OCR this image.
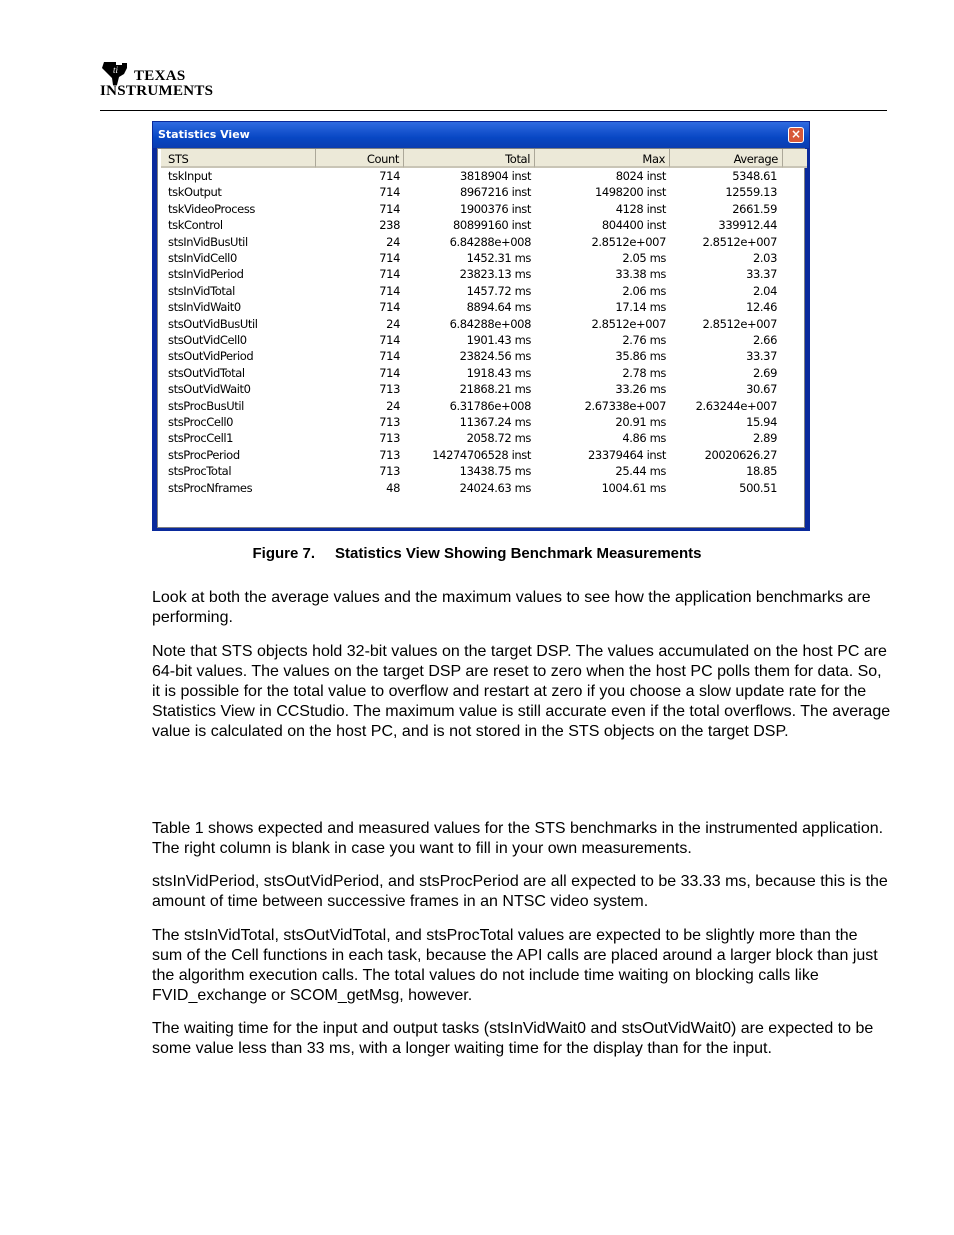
ti TEXAS
INSTRUMENTS
Statistics View	×
STS	Count	Total	Max	Average
tskInput	714	3818904 inst	8024 inst	5348.61
tskOutput	714	8967216 inst	1498200 inst	12559.13
tskVideoProcess	714	1900376 inst	4128 inst	2661.59
tskControl	238	80899160 inst	804400 inst	339912.44
stsInVidBusUtil	24	6.84288e+008	2.8512e+007	2.8512e+007
stsInVidCell0	714	1452.31 ms	2.05 ms	2.03
stsInVidPeriod	714	23823.13 ms	33.38 ms	33.37
stsInVidTotal	714	1457.72 ms	2.06 ms	2.04
stsInVidWait0	714	8894.64 ms	17.14 ms	12.46
stsOutVidBusUtil	24	6.84288e+008	2.8512e+007	2.8512e+007
stsOutVidCell0	714	1901.43 ms	2.76 ms	2.66
stsOutVidPeriod	714	23824.56 ms	35.86 ms	33.37
stsOutVidTotal	714	1918.43 ms	2.78 ms	2.69
stsOutVidWait0	713	21868.21 ms	33.26 ms	30.67
stsProcBusUtil	24	6.31786e+008	2.67338e+007	2.63244e+007
stsProcCell0	713	11367.24 ms	20.91 ms	15.94
stsProcCell1	713	2058.72 ms	4.86 ms	2.89
stsProcPeriod	713	14274706528 inst	23379464 inst	20020626.27
stsProcTotal	713	13438.75 ms	25.44 ms	18.85
stsProcNframes	48	24024.63 ms	1004.61 ms	500.51
Figure 7. Statistics View Showing Benchmark Measurements

Look at both the average values and the maximum values to see how the application benchmarks are performing.

Note that STS objects hold 32-bit values on the target DSP. The values accumulated on the host PC are 64-bit values. The values on the target DSP are reset to zero when the host PC polls them for data. So, it is possible for the total value to overflow and restart at zero if you choose a slow update rate for the Statistics View in CCStudio. The maximum value is still accurate even if the total overflows. The average value is calculated on the host PC, and is not stored in the STS objects on the target DSP.

Table 1 shows expected and measured values for the STS benchmarks in the instrumented application. The right column is blank in case you want to fill in your own measurements.

stsInVidPeriod, stsOutVidPeriod, and stsProcPeriod are all expected to be 33.33 ms, because this is the amount of time between successive frames in an NTSC video system.

The stsInVidTotal, stsOutVidTotal, and stsProcTotal values are expected to be slightly more than the sum of the Cell functions in each task, because the API calls are placed around a larger block than just the algorithm execution calls. The total values do not include time waiting on blocking calls like FVID_exchange or SCOM_getMsg, however.

The waiting time for the input and output tasks (stsInVidWait0 and stsOutVidWait0) are expected to be some value less than 33 ms, with a longer waiting time for the display than for the input.
